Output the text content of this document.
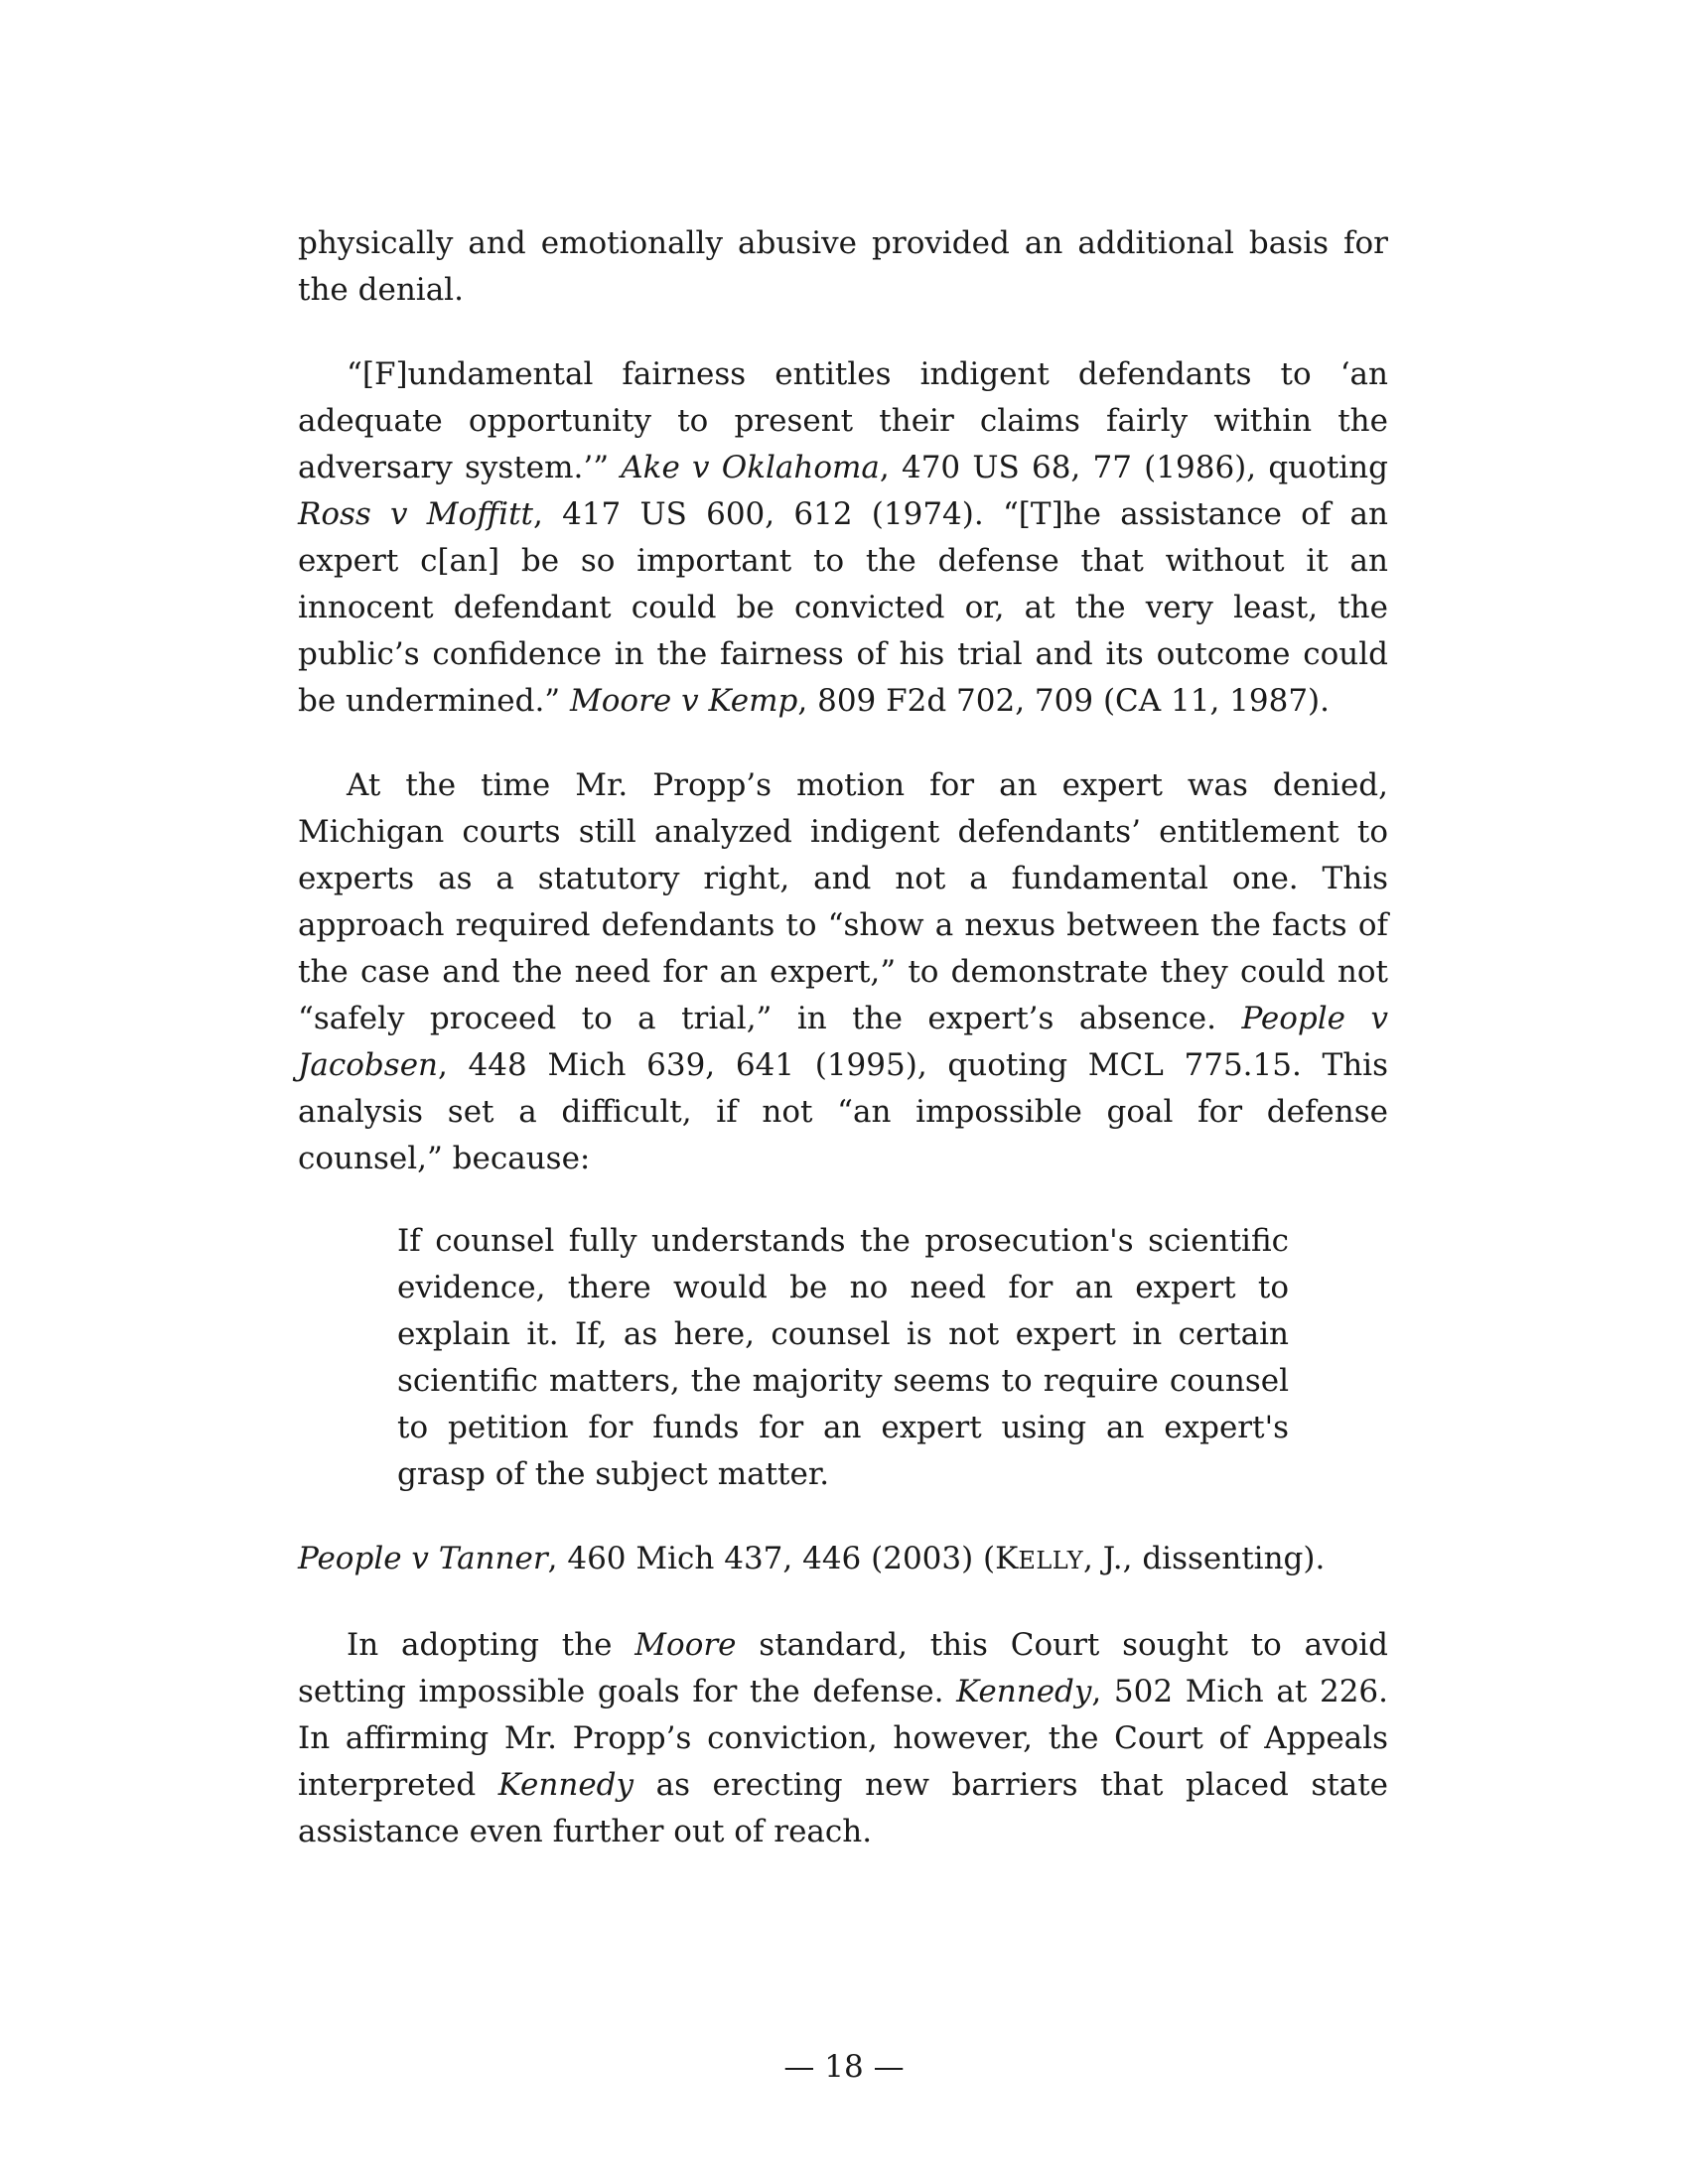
physically and emotionally abusive provided an additional basis for the denial.

“[F]undamental fairness entitles indigent defendants to ‘an adequate opportunity to present their claims fairly within the adversary system.’” Ake v Oklahoma, 470 US 68, 77 (1986), quoting Ross v Moffitt, 417 US 600, 612 (1974). “[T]he assistance of an expert c[an] be so important to the defense that without it an innocent defendant could be convicted or, at the very least, the public’s confidence in the fairness of his trial and its outcome could be undermined.” Moore v Kemp, 809 F2d 702, 709 (CA 11, 1987).

At the time Mr. Propp’s motion for an expert was denied, Michigan courts still analyzed indigent defendants’ entitlement to experts as a statutory right, and not a fundamental one. This approach required defendants to “show a nexus between the facts of the case and the need for an expert,” to demonstrate they could not “safely proceed to a trial,” in the expert’s absence. People v Jacobsen, 448 Mich 639, 641 (1995), quoting MCL 775.15. This analysis set a difficult, if not “an impossible goal for defense counsel,” because:

If counsel fully understands the prosecution's scientific evidence, there would be no need for an expert to explain it. If, as here, counsel is not expert in certain scientific matters, the majority seems to require counsel to petition for funds for an expert using an expert's grasp of the subject matter.

People v Tanner, 460 Mich 437, 446 (2003) (KELLY, J., dissenting).

In adopting the Moore standard, this Court sought to avoid setting impossible goals for the defense. Kennedy, 502 Mich at 226. In affirming Mr. Propp’s conviction, however, the Court of Appeals interpreted Kennedy as erecting new barriers that placed state assistance even further out of reach.

— 18 —
